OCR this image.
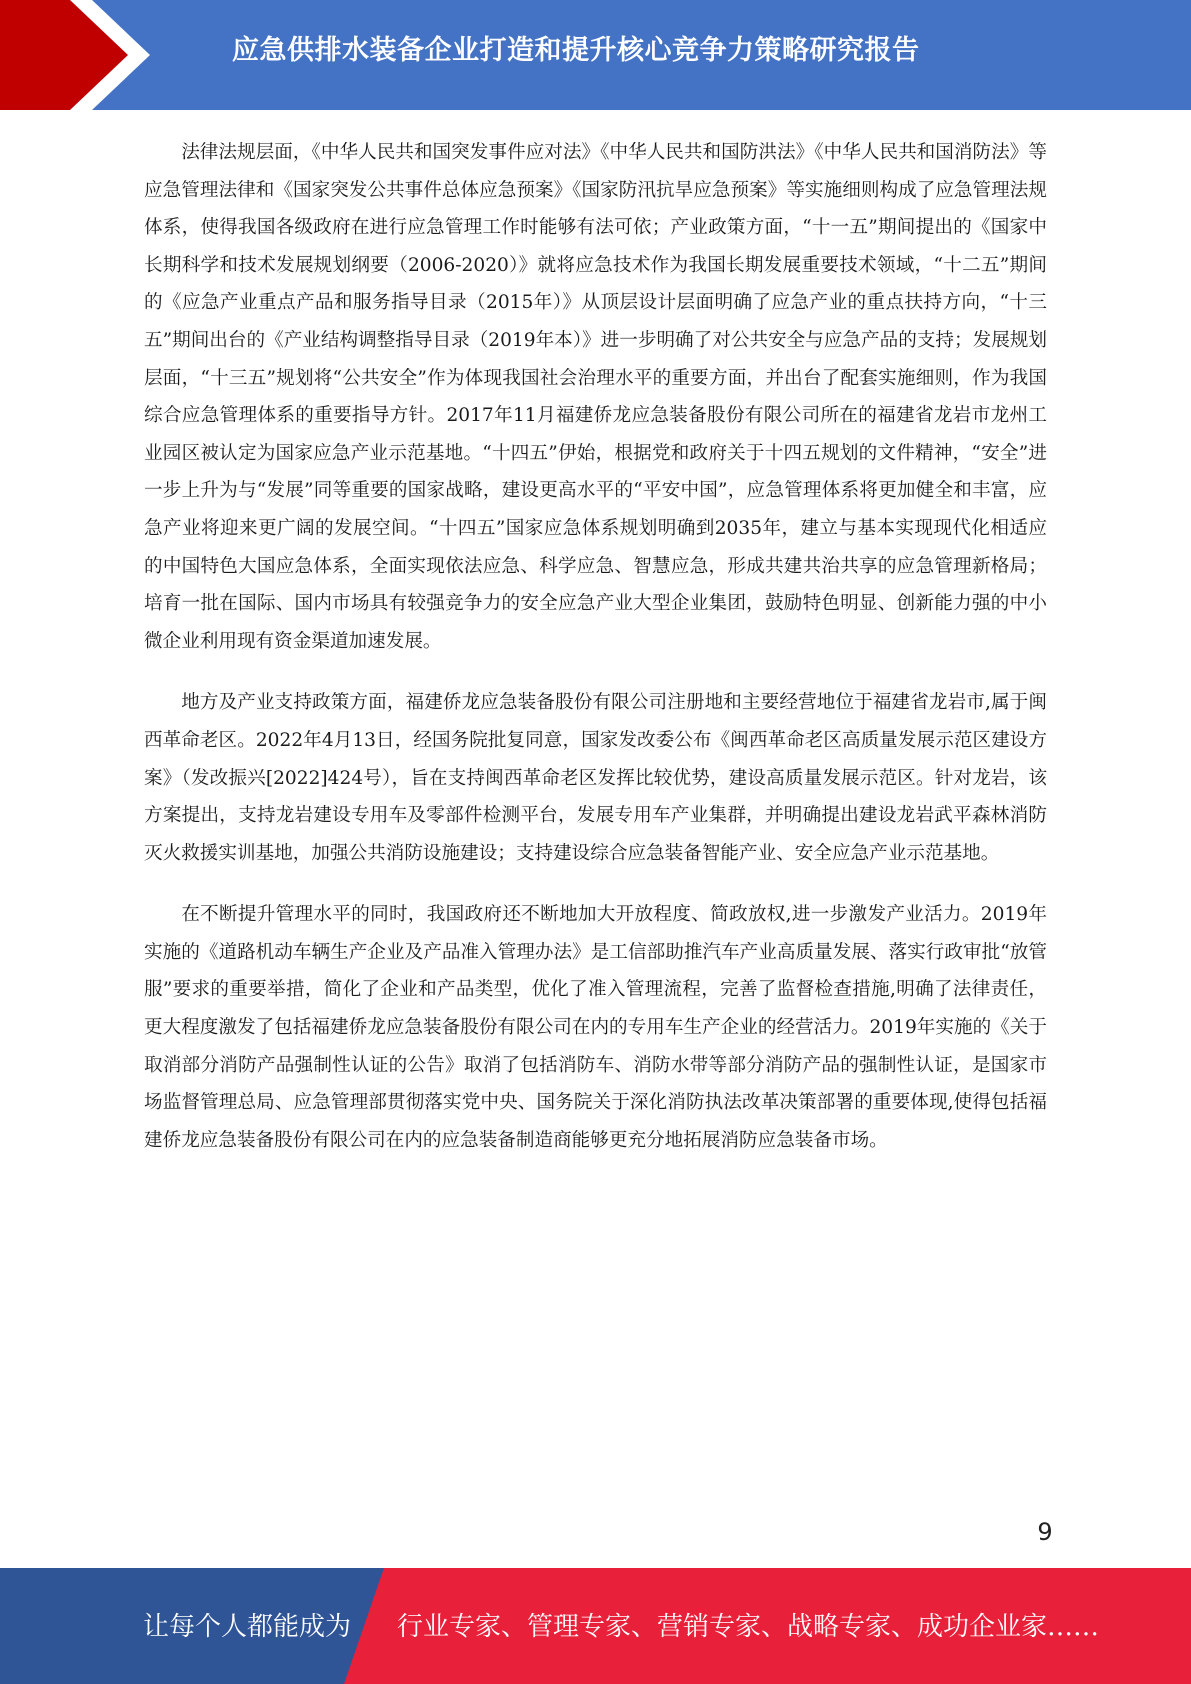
应急供排水装备企业打造和提升核心竞争力策略研究报告

法律法规层面，《中华人民共和国突发事件应对法》《中华人民共和国防洪法》《中华人民共和国消防法》等应急管理法律和《国家突发公共事件总体应急预案》《国家防汛抗旱应急预案》等实施细则构成了应急管理法规体系，使得我国各级政府在进行应急管理工作时能够有法可依；产业政策方面，“十一五”期间提出的《国家中长期科学和技术发展规划纲要（2006-2020）》就将应急技术作为我国长期发展重要技术领域，“十二五”期间的《应急产业重点产品和服务指导目录（2015年）》从顶层设计层面明确了应急产业的重点扶持方向，“十三五”期间出台的《产业结构调整指导目录（2019年本）》进一步明确了对公共安全与应急产品的支持；发展规划层面，“十三五”规划将“公共安全”作为体现我国社会治理水平的重要方面，并出台了配套实施细则，作为我国综合应急管理体系的重要指导方针。2017年11月福建侨龙应急装备股份有限公司所在的福建省龙岩市龙州工业园区被认定为国家应急产业示范基地。“十四五”伊始，根据党和政府关于十四五规划的文件精神，“安全”进一步上升为与“发展”同等重要的国家战略，建设更高水平的“平安中国”，应急管理体系将更加健全和丰富，应急产业将迎来更广阔的发展空间。“十四五”国家应急体系规划明确到2035年，建立与基本实现现代化相适应的中国特色大国应急体系，全面实现依法应急、科学应急、智慧应急，形成共建共治共享的应急管理新格局；培育一批在国际、国内市场具有较强竞争力的安全应急产业大型企业集团，鼓励特色明显、创新能力强的中小微企业利用现有资金渠道加速发展。

地方及产业支持政策方面，福建侨龙应急装备股份有限公司注册地和主要经营地位于福建省龙岩市,属于闽西革命老区。2022年4月13日，经国务院批复同意，国家发改委公布《闽西革命老区高质量发展示范区建设方案》（发改振兴[2022]424号），旨在支持闽西革命老区发挥比较优势，建设高质量发展示范区。针对龙岩，该方案提出，支持龙岩建设专用车及零部件检测平台，发展专用车产业集群，并明确提出建设龙岩武平森林消防灭火救援实训基地，加强公共消防设施建设；支持建设综合应急装备智能产业、安全应急产业示范基地。

在不断提升管理水平的同时，我国政府还不断地加大开放程度、简政放权,进一步激发产业活力。2019年实施的《道路机动车辆生产企业及产品准入管理办法》是工信部助推汽车产业高质量发展、落实行政审批“放管服”要求的重要举措，简化了企业和产品类型，优化了准入管理流程，完善了监督检查措施,明确了法律责任，更大程度激发了包括福建侨龙应急装备股份有限公司在内的专用车生产企业的经营活力。2019年实施的《关于取消部分消防产品强制性认证的公告》取消了包括消防车、消防水带等部分消防产品的强制性认证，是国家市场监督管理总局、应急管理部贯彻落实党中央、国务院关于深化消防执法改革决策部署的重要体现,使得包括福建侨龙应急装备股份有限公司在内的应急装备制造商能够更充分地拓展消防应急装备市场。

9
让每个人都能成为 行业专家、管理专家、营销专家、战略专家、成功企业家……
